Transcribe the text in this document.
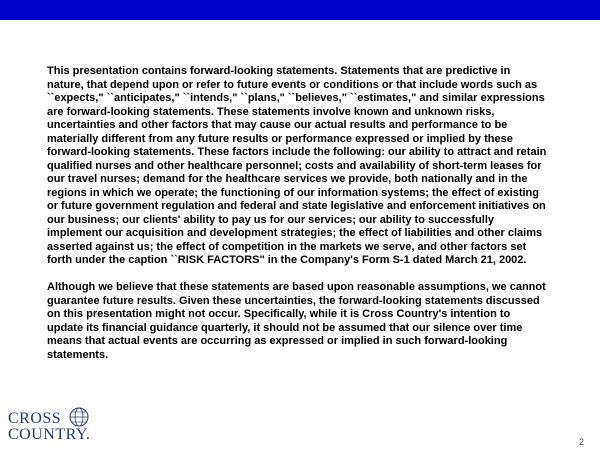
This presentation contains forward-looking statements. Statements that are predictive in nature, that depend upon or refer to future events or conditions or that include words such as ``expects," ``anticipates," ``intends," ``plans," ``believes," ``estimates," and similar expressions are forward-looking statements. These statements involve known and unknown risks, uncertainties and other factors that may cause our actual results and performance to be materially different from any future results or performance expressed or implied by these forward-looking statements. These factors include the following: our ability to attract and retain qualified nurses and other healthcare personnel; costs and availability of short-term leases for our travel nurses; demand for the healthcare services we provide, both nationally and in the regions in which we operate; the functioning of our information systems; the effect of existing or future government regulation and federal and state legislative and enforcement initiatives on our business; our clients' ability to pay us for our services; our ability to successfully implement our acquisition and development strategies; the effect of liabilities and other claims asserted against us; the effect of competition in the markets we serve, and other factors set forth under the caption ``RISK FACTORS" in the Company's Form S-1 dated March 21, 2002.

Although we believe that these statements are based upon reasonable assumptions, we cannot guarantee future results. Given these uncertainties, the forward-looking statements discussed on this presentation might not occur. Specifically, while it is Cross Country's intention to update its financial guidance quarterly, it should not be assumed that our silence over time means that actual events are occurring as expressed or implied in such forward-looking statements.

CROSS
COUNTRY.	2
